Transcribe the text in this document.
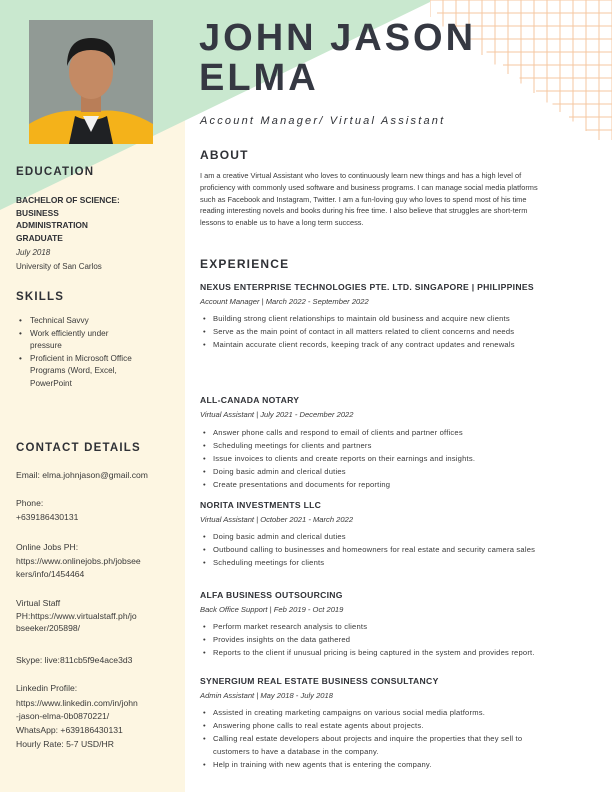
EDUCATION
BACHELOR OF SCIENCE:
BUSINESS
ADMINISTRATION
GRADUATE
July 2018
University of San Carlos
SKILLS
• Technical Savvy
• Work efficiently under pressure
• Proficient in Microsoft Office Programs (Word, Excel, PowerPoint
CONTACT DETAILS
Email: elma.johnjason@gmail.com
Phone:
+639186430131
Online Jobs PH:
https://www.onlinejobs.ph/jobsee
kers/info/1454464
Virtual Staff
PH:https://www.virtualstaff.ph/jo
bseeker/205898/
Skype: live:811cb5f9e4ace3d3
Linkedin Profile:
https://www.linkedin.com/in/john
-jason-elma-0b0870221/
WhatsApp: +639186430131
Hourly Rate: 5-7 USD/HR
JOHN JASON
ELMA
Account Manager/ Virtual Assistant
ABOUT
I am a creative Virtual Assistant who loves to continuously learn new things and has a high level of proficiency with commonly used software and business programs. I can manage social media platforms such as Facebook and Instagram, Twitter. I am a fun-loving guy who loves to spend most of his time reading interesting novels and books during his free time. I also believe that struggles are short-term lessons to enable us to have a long term success.
EXPERIENCE
NEXUS ENTERPRISE TECHNOLOGIES PTE. LTD. SINGAPORE | PHILIPPINES
Account Manager | March 2022 - September 2022
• Building strong client relationships to maintain old business and acquire new clients
• Serve as the main point of contact in all matters related to client concerns and needs
• Maintain accurate client records, keeping track of any contract updates and renewals
ALL-CANADA NOTARY
Virtual Assistant | July 2021 - December 2022
• Answer phone calls and respond to email of clients and partner offices
• Scheduling meetings for clients and partners
• Issue invoices to clients and create reports on their earnings and insights.
• Doing basic admin and clerical duties
• Create presentations and documents for reporting
NORITA INVESTMENTS LLC
Virtual Assistant | October 2021 - March 2022
• Doing basic admin and clerical duties
• Outbound calling to businesses and homeowners for real estate and security camera sales
• Scheduling meetings for clients
ALFA BUSINESS OUTSOURCING
Back Office Support | Feb 2019 - Oct 2019
• Perform market research analysis to clients
• Provides insights on the data gathered
• Reports to the client if unusual pricing is being captured in the system and provides report.
SYNERGIUM REAL ESTATE BUSINESS CONSULTANCY
Admin Assistant | May 2018 - July 2018
• Assisted in creating marketing campaigns on various social media platforms.
• Answering phone calls to real estate agents about projects.
• Calling real estate developers about projects and inquire the properties that they sell to customers to have a database in the company.
• Help in training with new agents that is entering the company.
